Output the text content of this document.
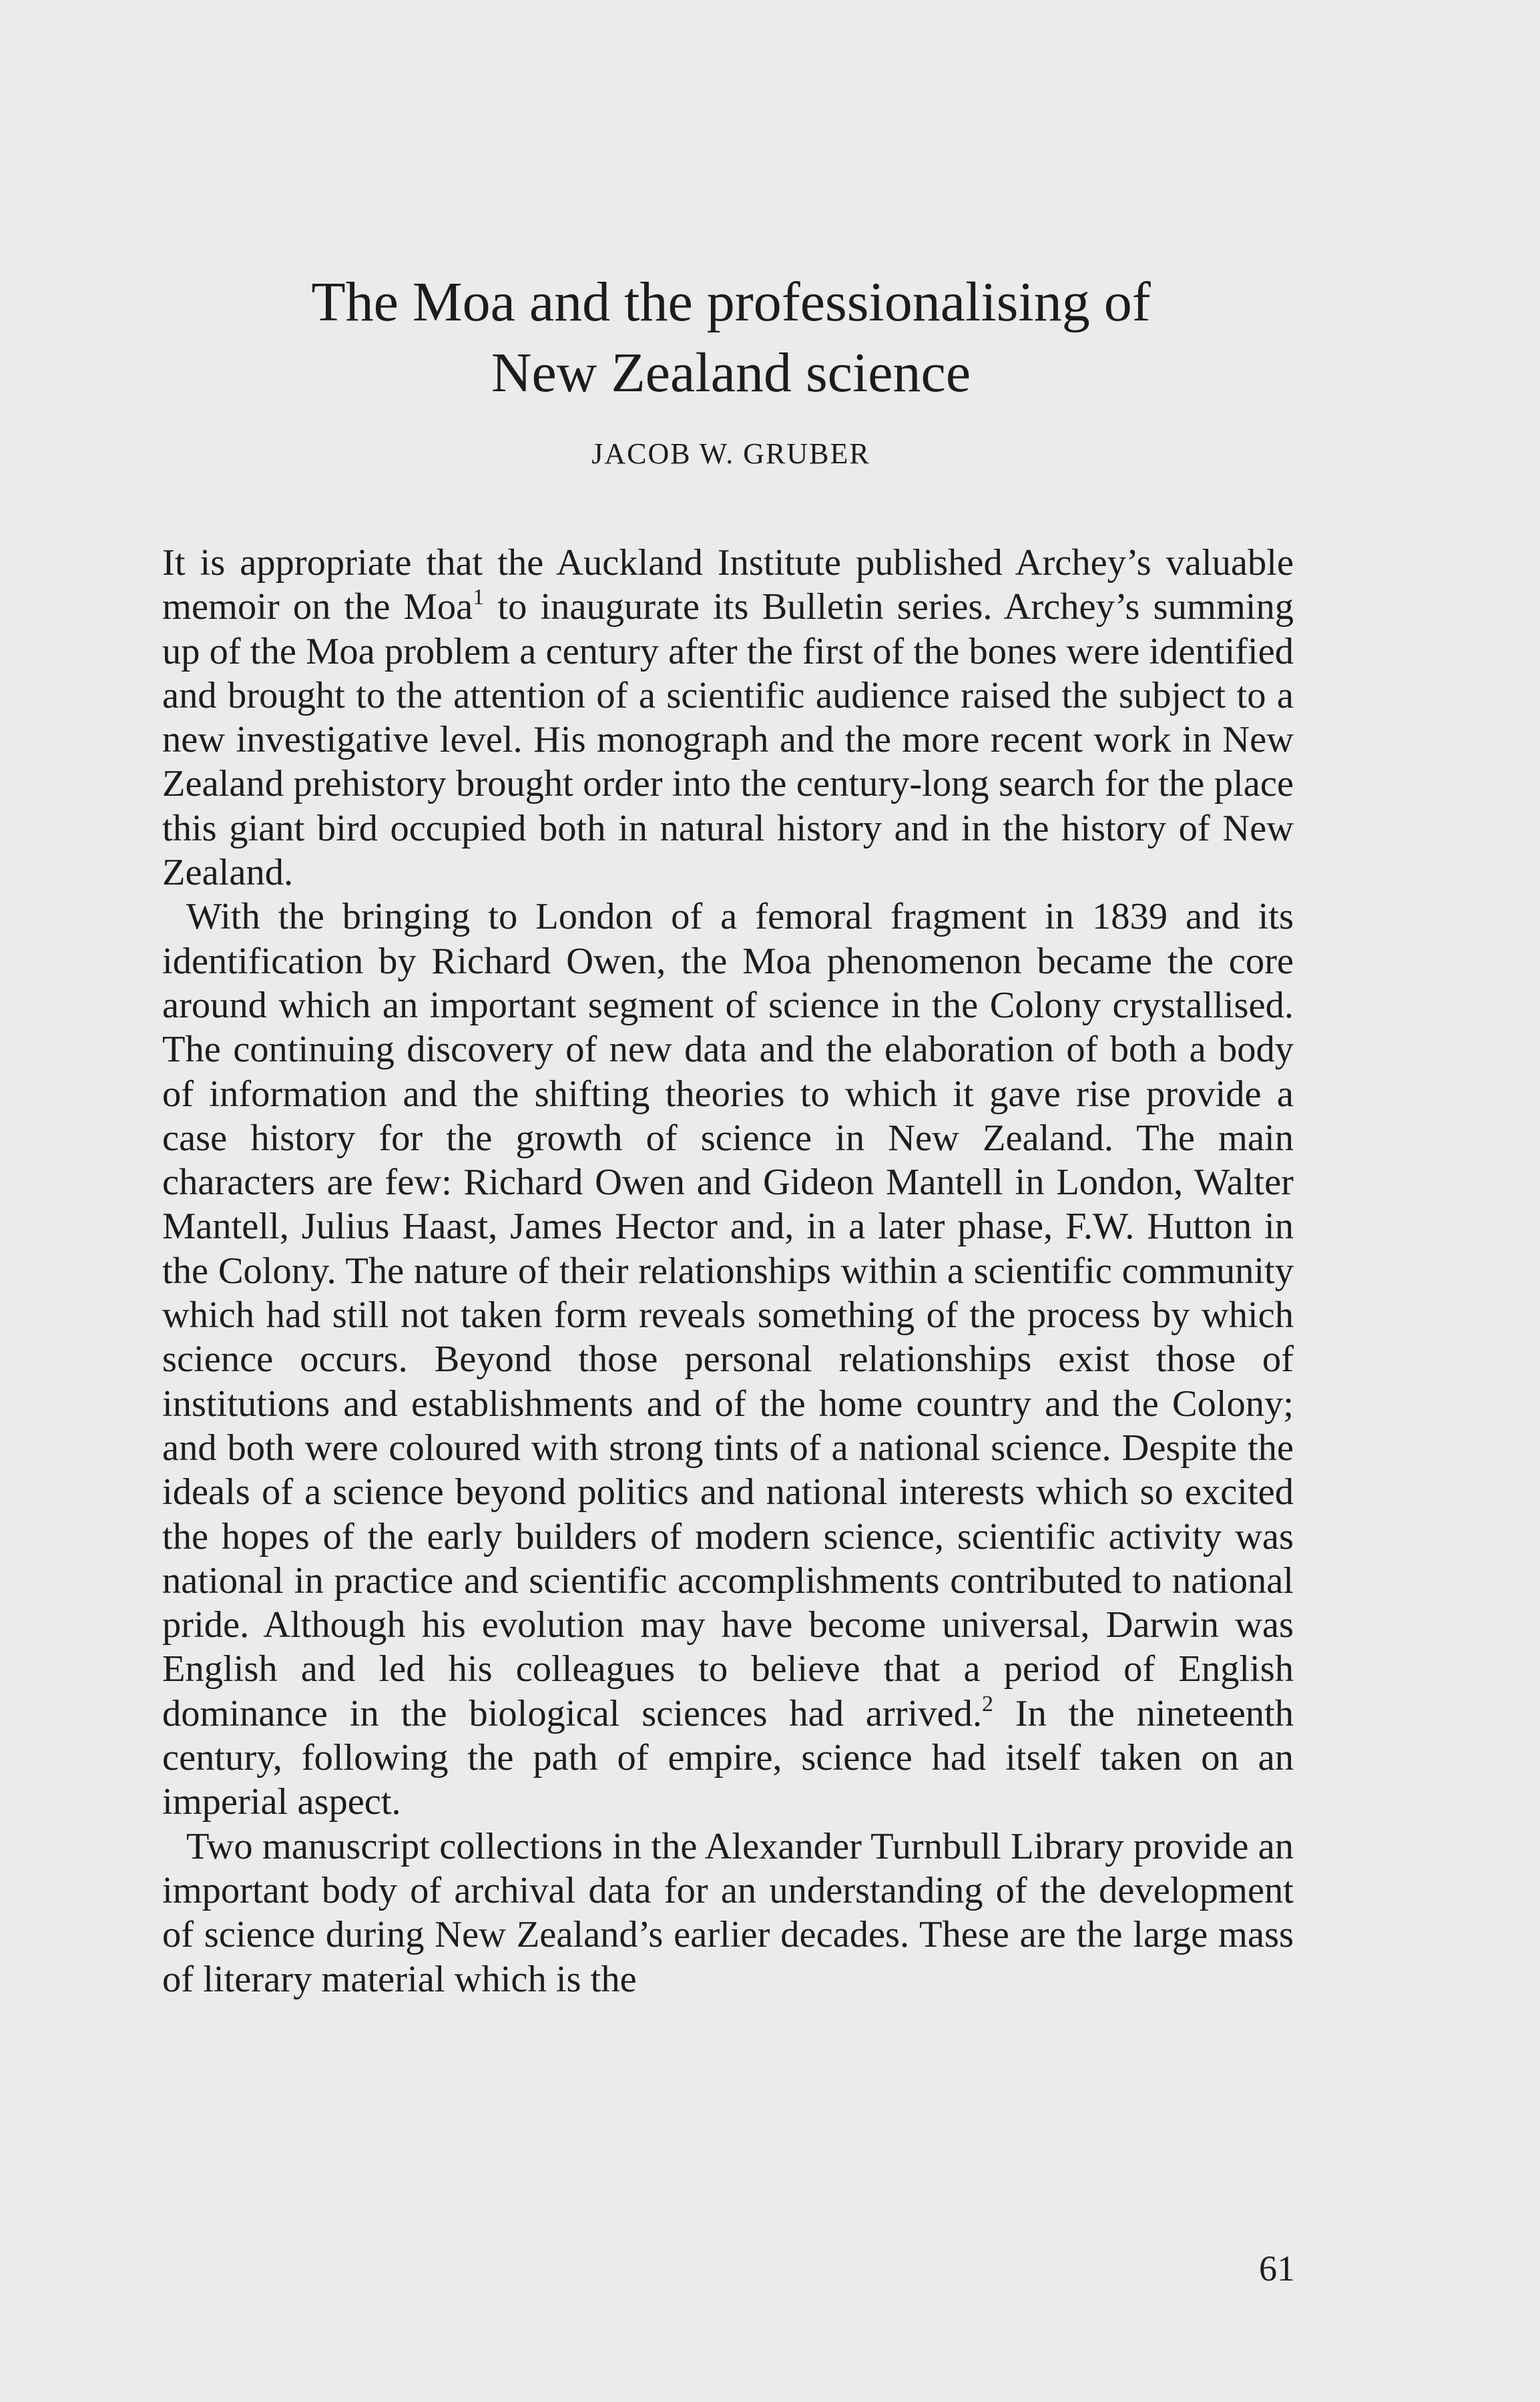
The Moa and the professionalising of
New Zealand science

JACOB W. GRUBER

It is appropriate that the Auckland Institute published Archey’s valuable memoir on the Moa$^1$ to inaugurate its Bulletin series. Archey’s summing up of the Moa problem a century after the first of the bones were identified and brought to the attention of a scientific audience raised the subject to a new investigative level. His monograph and the more recent work in New Zealand prehistory brought order into the century-long search for the place this giant bird occupied both in natural history and in the history of New Zealand.

With the bringing to London of a femoral fragment in 1839 and its identification by Richard Owen, the Moa phenomenon became the core around which an important segment of science in the Colony crystallised. The continuing discovery of new data and the elaboration of both a body of information and the shifting theories to which it gave rise provide a case history for the growth of science in New Zealand. The main characters are few: Richard Owen and Gideon Mantell in London, Walter Mantell, Julius Haast, James Hector and, in a later phase, F.W. Hutton in the Colony. The nature of their relationships within a scientific community which had still not taken form reveals something of the process by which science occurs. Beyond those personal relationships exist those of institutions and establishments and of the home country and the Colony; and both were coloured with strong tints of a national science. Despite the ideals of a science beyond politics and national interests which so excited the hopes of the early builders of modern science, scientific activity was national in practice and scientific accomplishments contributed to national pride. Although his evolution may have become universal, Darwin was English and led his colleagues to believe that a period of English dominance in the biological sciences had arrived.$^2$ In the nineteenth century, following the path of empire, science had itself taken on an imperial aspect.

Two manuscript collections in the Alexander Turnbull Library provide an important body of archival data for an understanding of the development of science during New Zealand’s earlier decades. These are the large mass of literary material which is the

61
